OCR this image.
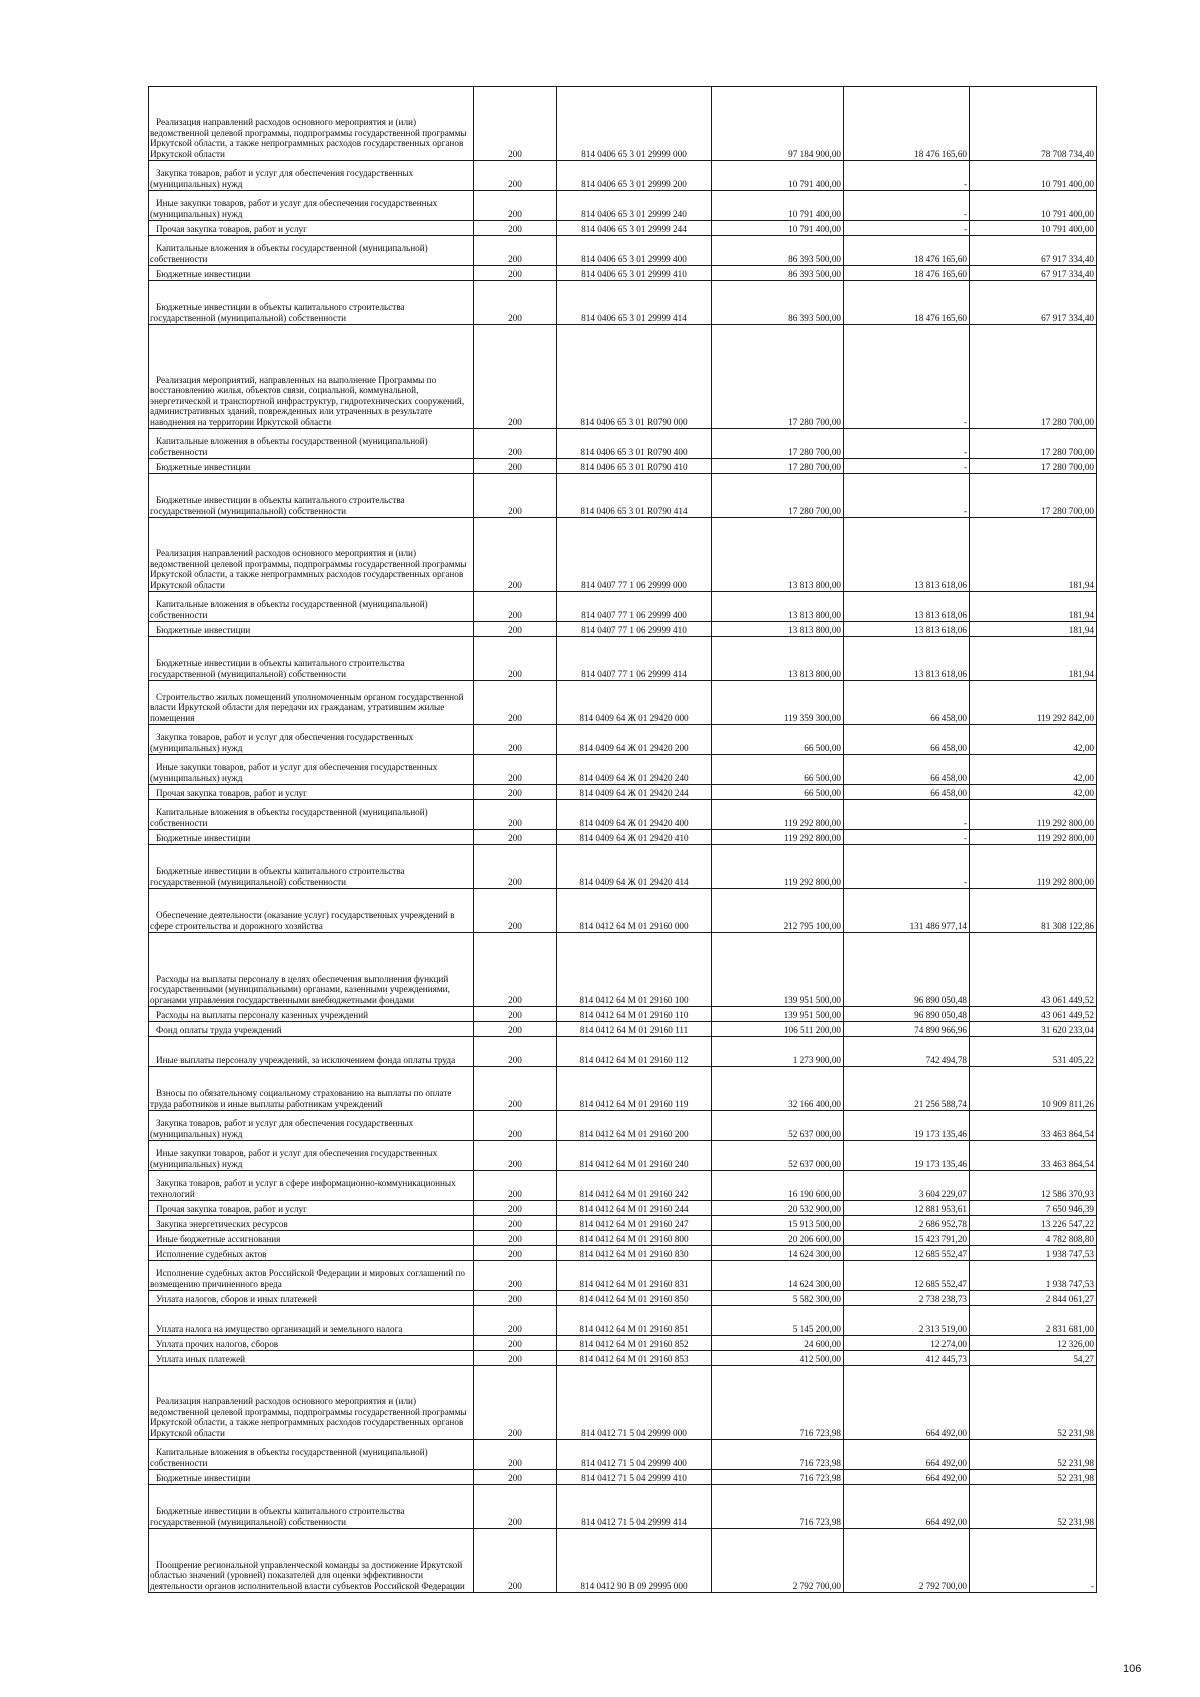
Реализация направлений расходов основного мероприятия и (или) ведомственной целевой программы, подпрограммы государственной программы Иркутской области, а также непрограммных расходов государственных органов Иркутской области	200	814 0406 65 3 01 29999 000	97 184 900,00	18 476 165,60	78 708 734,40

Закупка товаров, работ и услуг для обеспечения государственных (муниципальных) нужд	200	814 0406 65 3 01 29999 200	10 791 400,00	-	10 791 400,00

Иные закупки товаров, работ и услуг для обеспечения государственных (муниципальных) нужд	200	814 0406 65 3 01 29999 240	10 791 400,00	-	10 791 400,00

Прочая закупка товаров, работ и услуг	200	814 0406 65 3 01 29999 244	10 791 400,00	-	10 791 400,00

Капитальные вложения в объекты государственной (муниципальной) собственности	200	814 0406 65 3 01 29999 400	86 393 500,00	18 476 165,60	67 917 334,40

Бюджетные инвестиции	200	814 0406 65 3 01 29999 410	86 393 500,00	18 476 165,60	67 917 334,40

Бюджетные инвестиции в объекты капитального строительства государственной (муниципальной) собственности	200	814 0406 65 3 01 29999 414	86 393 500,00	18 476 165,60	67 917 334,40

Реализация мероприятий, направленных на выполнение Программы по восстановлению жилья, объектов связи, социальной, коммунальной, энергетической и транспортной инфраструктур, гидротехнических сооружений, административных зданий, поврежденных или утраченных в результате наводнения на территории Иркутской области	200	814 0406 65 3 01 R0790 000	17 280 700,00	-	17 280 700,00

Капитальные вложения в объекты государственной (муниципальной) собственности	200	814 0406 65 3 01 R0790 400	17 280 700,00	-	17 280 700,00

Бюджетные инвестиции	200	814 0406 65 3 01 R0790 410	17 280 700,00	-	17 280 700,00

Бюджетные инвестиции в объекты капитального строительства государственной (муниципальной) собственности	200	814 0406 65 3 01 R0790 414	17 280 700,00	-	17 280 700,00

Реализация направлений расходов основного мероприятия и (или) ведомственной целевой программы, подпрограммы государственной программы Иркутской области, а также непрограммных расходов государственных органов Иркутской области	200	814 0407 77 1 06 29999 000	13 813 800,00	13 813 618,06	181,94

Капитальные вложения в объекты государственной (муниципальной) собственности	200	814 0407 77 1 06 29999 400	13 813 800,00	13 813 618,06	181,94

Бюджетные инвестиции	200	814 0407 77 1 06 29999 410	13 813 800,00	13 813 618,06	181,94

Бюджетные инвестиции в объекты капитального строительства государственной (муниципальной) собственности	200	814 0407 77 1 06 29999 414	13 813 800,00	13 813 618,06	181,94

Строительство жилых помещений уполномоченным органом государственной власти Иркутской области для передачи их гражданам, утратившим жилые помещения	200	814 0409 64 Ж 01 29420 000	119 359 300,00	66 458,00	119 292 842,00

Закупка товаров, работ и услуг для обеспечения государственных (муниципальных) нужд	200	814 0409 64 Ж 01 29420 200	66 500,00	66 458,00	42,00

Иные закупки товаров, работ и услуг для обеспечения государственных (муниципальных) нужд	200	814 0409 64 Ж 01 29420 240	66 500,00	66 458,00	42,00

Прочая закупка товаров, работ и услуг	200	814 0409 64 Ж 01 29420 244	66 500,00	66 458,00	42,00

Капитальные вложения в объекты государственной (муниципальной) собственности	200	814 0409 64 Ж 01 29420 400	119 292 800,00	-	119 292 800,00

Бюджетные инвестиции	200	814 0409 64 Ж 01 29420 410	119 292 800,00	-	119 292 800,00

Бюджетные инвестиции в объекты капитального строительства государственной (муниципальной) собственности	200	814 0409 64 Ж 01 29420 414	119 292 800,00	-	119 292 800,00

Обеспечение деятельности (оказание услуг) государственных учреждений в сфере строительства и дорожного хозяйства	200	814 0412 64 М 01 29160 000	212 795 100,00	131 486 977,14	81 308 122,86

Расходы на выплаты персоналу в целях обеспечения выполнения функций государственными (муниципальными) органами, казенными учреждениями, органами управления государственными внебюджетными фондами	200	814 0412 64 М 01 29160 100	139 951 500,00	96 890 050,48	43 061 449,52

Расходы на выплаты персоналу казенных учреждений	200	814 0412 64 М 01 29160 110	139 951 500,00	96 890 050,48	43 061 449,52

Фонд оплаты труда учреждений	200	814 0412 64 М 01 29160 111	106 511 200,00	74 890 966,96	31 620 233,04

Иные выплаты персоналу учреждений, за исключением фонда оплаты труда	200	814 0412 64 М 01 29160 112	1 273 900,00	742 494,78	531 405,22

Взносы по обязательному социальному страхованию на выплаты по оплате труда работников и иные выплаты работникам учреждений	200	814 0412 64 М 01 29160 119	32 166 400,00	21 256 588,74	10 909 811,26

Закупка товаров, работ и услуг для обеспечения государственных (муниципальных) нужд	200	814 0412 64 М 01 29160 200	52 637 000,00	19 173 135,46	33 463 864,54

Иные закупки товаров, работ и услуг для обеспечения государственных (муниципальных) нужд	200	814 0412 64 М 01 29160 240	52 637 000,00	19 173 135,46	33 463 864,54

Закупка товаров, работ и услуг в сфере информационно-коммуникационных технологий	200	814 0412 64 М 01 29160 242	16 190 600,00	3 604 229,07	12 586 370,93

Прочая закупка товаров, работ и услуг	200	814 0412 64 М 01 29160 244	20 532 900,00	12 881 953,61	7 650 946,39

Закупка энергетических ресурсов	200	814 0412 64 М 01 29160 247	15 913 500,00	2 686 952,78	13 226 547,22

Иные бюджетные ассигнования	200	814 0412 64 М 01 29160 800	20 206 600,00	15 423 791,20	4 782 808,80

Исполнение судебных актов	200	814 0412 64 М 01 29160 830	14 624 300,00	12 685 552,47	1 938 747,53

Исполнение судебных актов Российской Федерации и мировых соглашений по возмещению причиненного вреда	200	814 0412 64 М 01 29160 831	14 624 300,00	12 685 552,47	1 938 747,53

Уплата налогов, сборов и иных платежей	200	814 0412 64 М 01 29160 850	5 582 300,00	2 738 238,73	2 844 061,27

Уплата налога на имущество организаций и земельного налога	200	814 0412 64 М 01 29160 851	5 145 200,00	2 313 519,00	2 831 681,00

Уплата прочих налогов, сборов	200	814 0412 64 М 01 29160 852	24 600,00	12 274,00	12 326,00

Уплата иных платежей	200	814 0412 64 М 01 29160 853	412 500,00	412 445,73	54,27

Реализация направлений расходов основного мероприятия и (или) ведомственной целевой программы, подпрограммы государственной программы Иркутской области, а также непрограммных расходов государственных органов Иркутской области	200	814 0412 71 5 04 29999 000	716 723,98	664 492,00	52 231,98

Капитальные вложения в объекты государственной (муниципальной) собственности	200	814 0412 71 5 04 29999 400	716 723,98	664 492,00	52 231,98

Бюджетные инвестиции	200	814 0412 71 5 04 29999 410	716 723,98	664 492,00	52 231,98

Бюджетные инвестиции в объекты капитального строительства государственной (муниципальной) собственности	200	814 0412 71 5 04 29999 414	716 723,98	664 492,00	52 231,98

Поощрение региональной управленческой команды за достижение Иркутской областью значений (уровней) показателей для оценки эффективности деятельности органов исполнительной власти субъектов Российской Федерации	200	814 0412 90 В 09 29995 000	2 792 700,00	2 792 700,00	-
106
